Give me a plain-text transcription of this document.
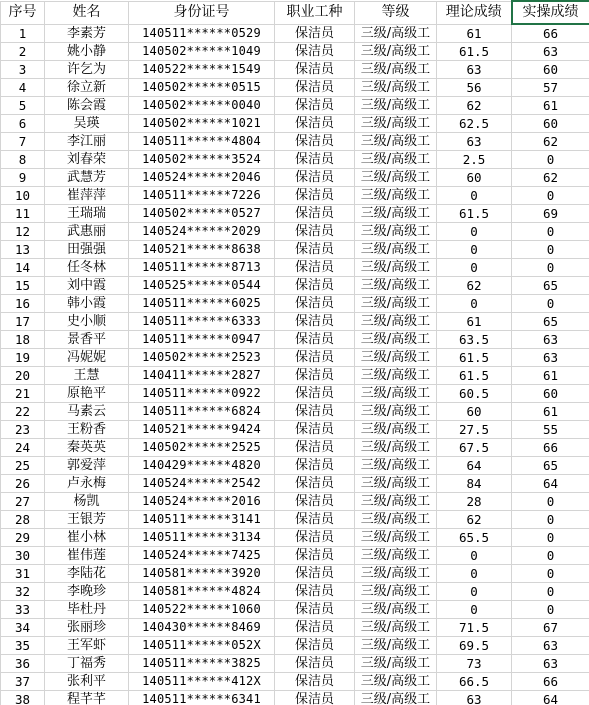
序号	姓名	身份证号	职业工种	等级	理论成绩	实操成绩
1	李素芳	140511******0529	保洁员	三级/高级工	61	66
2	姚小静	140502******1049	保洁员	三级/高级工	61.5	63
3	许乞为	140522******1549	保洁员	三级/高级工	63	60
4	徐立新	140502******0515	保洁员	三级/高级工	56	57
5	陈会霞	140502******0040	保洁员	三级/高级工	62	61
6	吴瑛	140502******1021	保洁员	三级/高级工	62.5	60
7	李江丽	140511******4804	保洁员	三级/高级工	63	62
8	刘春荣	140502******3524	保洁员	三级/高级工	2.5	0
9	武慧芳	140524******2046	保洁员	三级/高级工	60	62
10	崔萍萍	140511******7226	保洁员	三级/高级工	0	0
11	王瑞瑞	140502******0527	保洁员	三级/高级工	61.5	69
12	武惠丽	140524******2029	保洁员	三级/高级工	0	0
13	田强强	140521******8638	保洁员	三级/高级工	0	0
14	任冬林	140511******8713	保洁员	三级/高级工	0	0
15	刘中霞	140525******0544	保洁员	三级/高级工	62	65
16	韩小霞	140511******6025	保洁员	三级/高级工	0	0
17	史小顺	140511******6333	保洁员	三级/高级工	61	65
18	景香平	140511******0947	保洁员	三级/高级工	63.5	63
19	冯妮妮	140502******2523	保洁员	三级/高级工	61.5	63
20	王慧	140411******2827	保洁员	三级/高级工	61.5	61
21	原艳平	140511******0922	保洁员	三级/高级工	60.5	60
22	马素云	140511******6824	保洁员	三级/高级工	60	61
23	王粉香	140521******9424	保洁员	三级/高级工	27.5	55
24	秦英英	140502******2525	保洁员	三级/高级工	67.5	66
25	郭爱萍	140429******4820	保洁员	三级/高级工	64	65
26	卢永梅	140524******2542	保洁员	三级/高级工	84	64
27	杨凯	140524******2016	保洁员	三级/高级工	28	0
28	王银芳	140511******3141	保洁员	三级/高级工	62	0
29	崔小林	140511******3134	保洁员	三级/高级工	65.5	0
30	崔伟莲	140524******7425	保洁员	三级/高级工	0	0
31	李陆花	140581******3920	保洁员	三级/高级工	0	0
32	李晚珍	140581******4824	保洁员	三级/高级工	0	0
33	毕杜丹	140522******1060	保洁员	三级/高级工	0	0
34	张丽珍	140430******8469	保洁员	三级/高级工	71.5	67
35	王军虾	140511******052X	保洁员	三级/高级工	69.5	63
36	丁福秀	140511******3825	保洁员	三级/高级工	73	63
37	张利平	140511******412X	保洁员	三级/高级工	66.5	66
38	程芊芊	140511******6341	保洁员	三级/高级工	63	64
